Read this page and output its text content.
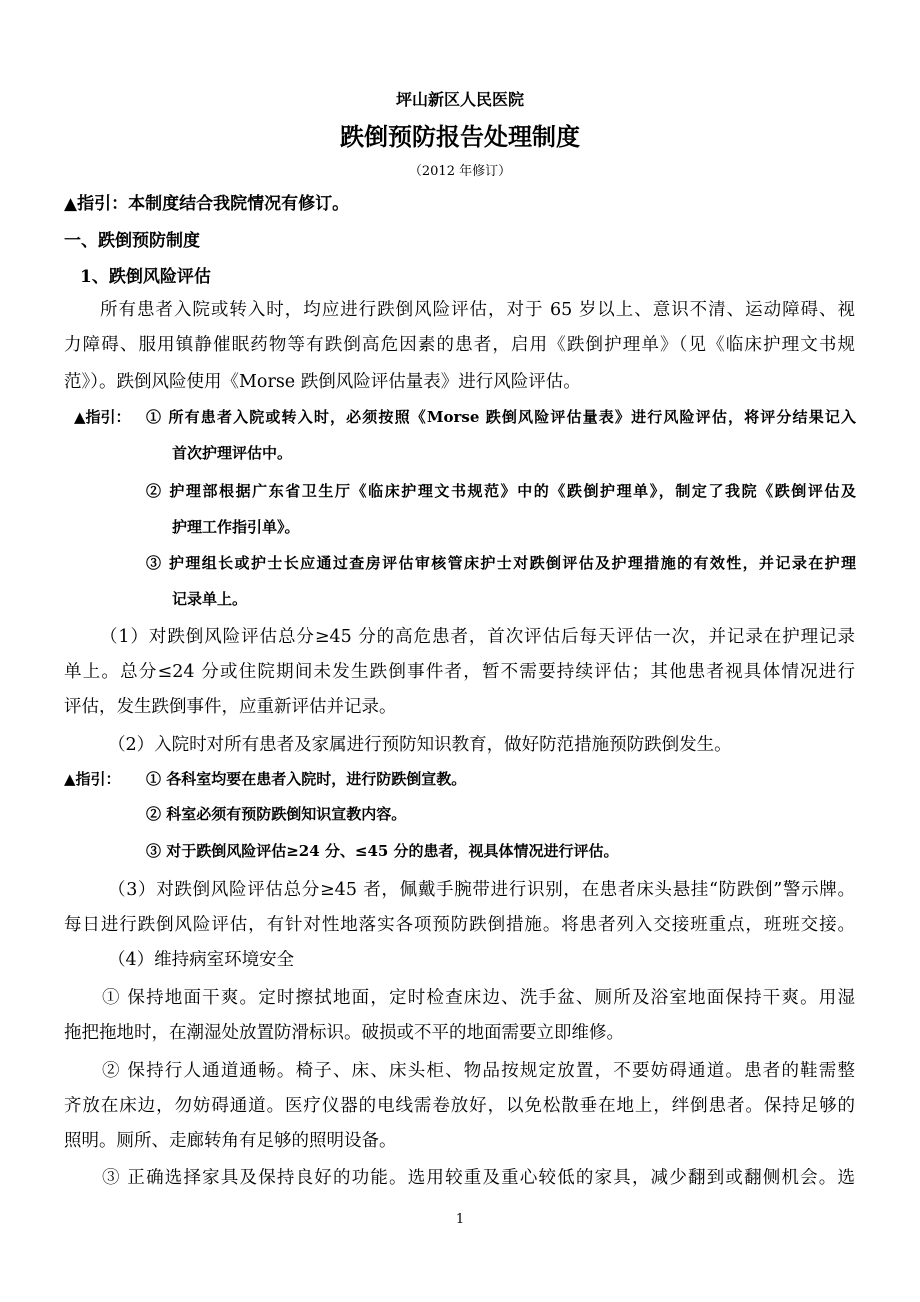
坪山新区人民医院
跌倒预防报告处理制度
（2012 年修订）
▲指引：本制度结合我院情况有修订。
一、跌倒预防制度
1、跌倒风险评估
所有患者入院或转入时，均应进行跌倒风险评估，对于 65 岁以上、意识不清、运动障碍、视
力障碍、服用镇静催眠药物等有跌倒高危因素的患者，启用《跌倒护理单》（见《临床护理文书规
范》）。跌倒风险使用《Morse 跌倒风险评估量表》进行风险评估。
▲指引： ① 所有患者入院或转入时，必须按照《Morse 跌倒风险评估量表》进行风险评估，将评分结果记入
首次护理评估中。
② 护理部根据广东省卫生厅《临床护理文书规范》中的《跌倒护理单》，制定了我院《跌倒评估及
护理工作指引单》。
③ 护理组长或护士长应通过查房评估审核管床护士对跌倒评估及护理措施的有效性，并记录在护理
记录单上。
（1）对跌倒风险评估总分≥45 分的高危患者，首次评估后每天评估一次，并记录在护理记录
单上。总分≤24 分或住院期间未发生跌倒事件者，暂不需要持续评估；其他患者视具体情况进行
评估，发生跌倒事件，应重新评估并记录。
（2）入院时对所有患者及家属进行预防知识教育，做好防范措施预防跌倒发生。
▲指引： ① 各科室均要在患者入院时，进行防跌倒宣教。
② 科室必须有预防跌倒知识宣教内容。
③ 对于跌倒风险评估≥24 分、≤45 分的患者，视具体情况进行评估。
（3）对跌倒风险评估总分≥45 者，佩戴手腕带进行识别，在患者床头悬挂“防跌倒”警示牌。
每日进行跌倒风险评估，有针对性地落实各项预防跌倒措施。将患者列入交接班重点，班班交接。
（4）维持病室环境安全
① 保持地面干爽。定时擦拭地面，定时检查床边、洗手盆、厕所及浴室地面保持干爽。用湿
拖把拖地时，在潮湿处放置防滑标识。破损或不平的地面需要立即维修。
② 保持行人通道通畅。椅子、床、床头柜、物品按规定放置，不要妨碍通道。患者的鞋需整
齐放在床边，勿妨碍通道。医疗仪器的电线需卷放好，以免松散垂在地上，绊倒患者。保持足够的
照明。厕所、走廊转角有足够的照明设备。
③ 正确选择家具及保持良好的功能。选用较重及重心较低的家具，减少翻到或翻侧机会。选
1
